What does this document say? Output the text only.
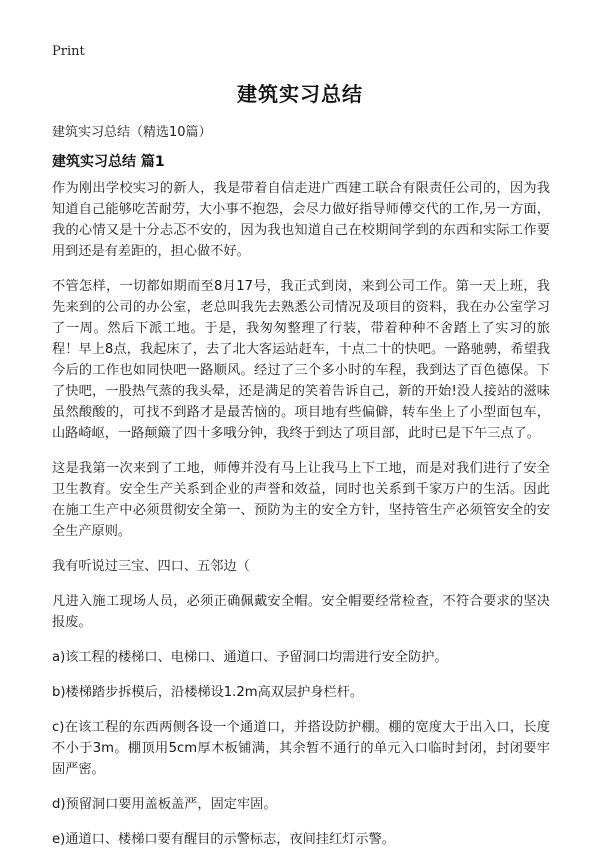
Print
建筑实习总结
建筑实习总结（精选10篇）
建筑实习总结 篇1

作为刚出学校实习的新人，我是带着自信走进广西建工联合有限责任公司的，因为我知道自己能够吃苦耐劳，大小事不抱怨，会尽力做好指导师傅交代的工作,另一方面，我的心情又是十分忐忑不安的，因为我也知道自己在校期间学到的东西和实际工作要用到还是有差距的，担心做不好。

不管怎样，一切都如期而至8月17号，我正式到岗，来到公司工作。第一天上班，我先来到的公司的办公室，老总叫我先去熟悉公司情况及项目的资料，我在办公室学习了一周。然后下派工地。于是，我匆匆整理了行装，带着种种不舍踏上了实习的旅程！早上8点，我起床了，去了北大客运站赶车，十点二十的快吧。一路驰骋，希望我今后的工作也如同快吧一路顺风。经过了三个多小时的车程，我到达了百色德保。下了快吧，一股热气蒸的我头晕，还是满足的笑着告诉自己，新的开始!没人接站的滋味虽然酸酸的，可找不到路才是最苦恼的。项目地有些偏僻，转车坐上了小型面包车，山路崎岖，一路颠簸了四十多哦分钟，我终于到达了项目部，此时已是下午三点了。

这是我第一次来到了工地，师傅并没有马上让我马上下工地，而是对我们进行了安全卫生教育。安全生产关系到企业的声誉和效益，同时也关系到千家万户的生活。因此在施工生产中必须贯彻安全第一、预防为主的安全方针，坚持管生产必须管安全的安全生产原则。

我有听说过三宝、四口、五邻边（

凡进入施工现场人员，必须正确佩戴安全帽。安全帽要经常检查，不符合要求的坚决报废。

a)该工程的楼梯口、电梯口、通道口、予留洞口均需进行安全防护。

b)楼梯踏步拆模后，沿楼梯设1.2m高双层护身栏杆。

c)在该工程的东西两侧各设一个通道口，并搭设防护棚。棚的宽度大于出入口，长度不小于3m。棚顶用5cm厚木板铺满，其余暂不通行的单元入口临时封闭，封闭要牢固严密。

d)预留洞口要用盖板盖严，固定牢固。

e)通道口、楼梯口要有醒目的示警标志，夜间挂红灯示警。
